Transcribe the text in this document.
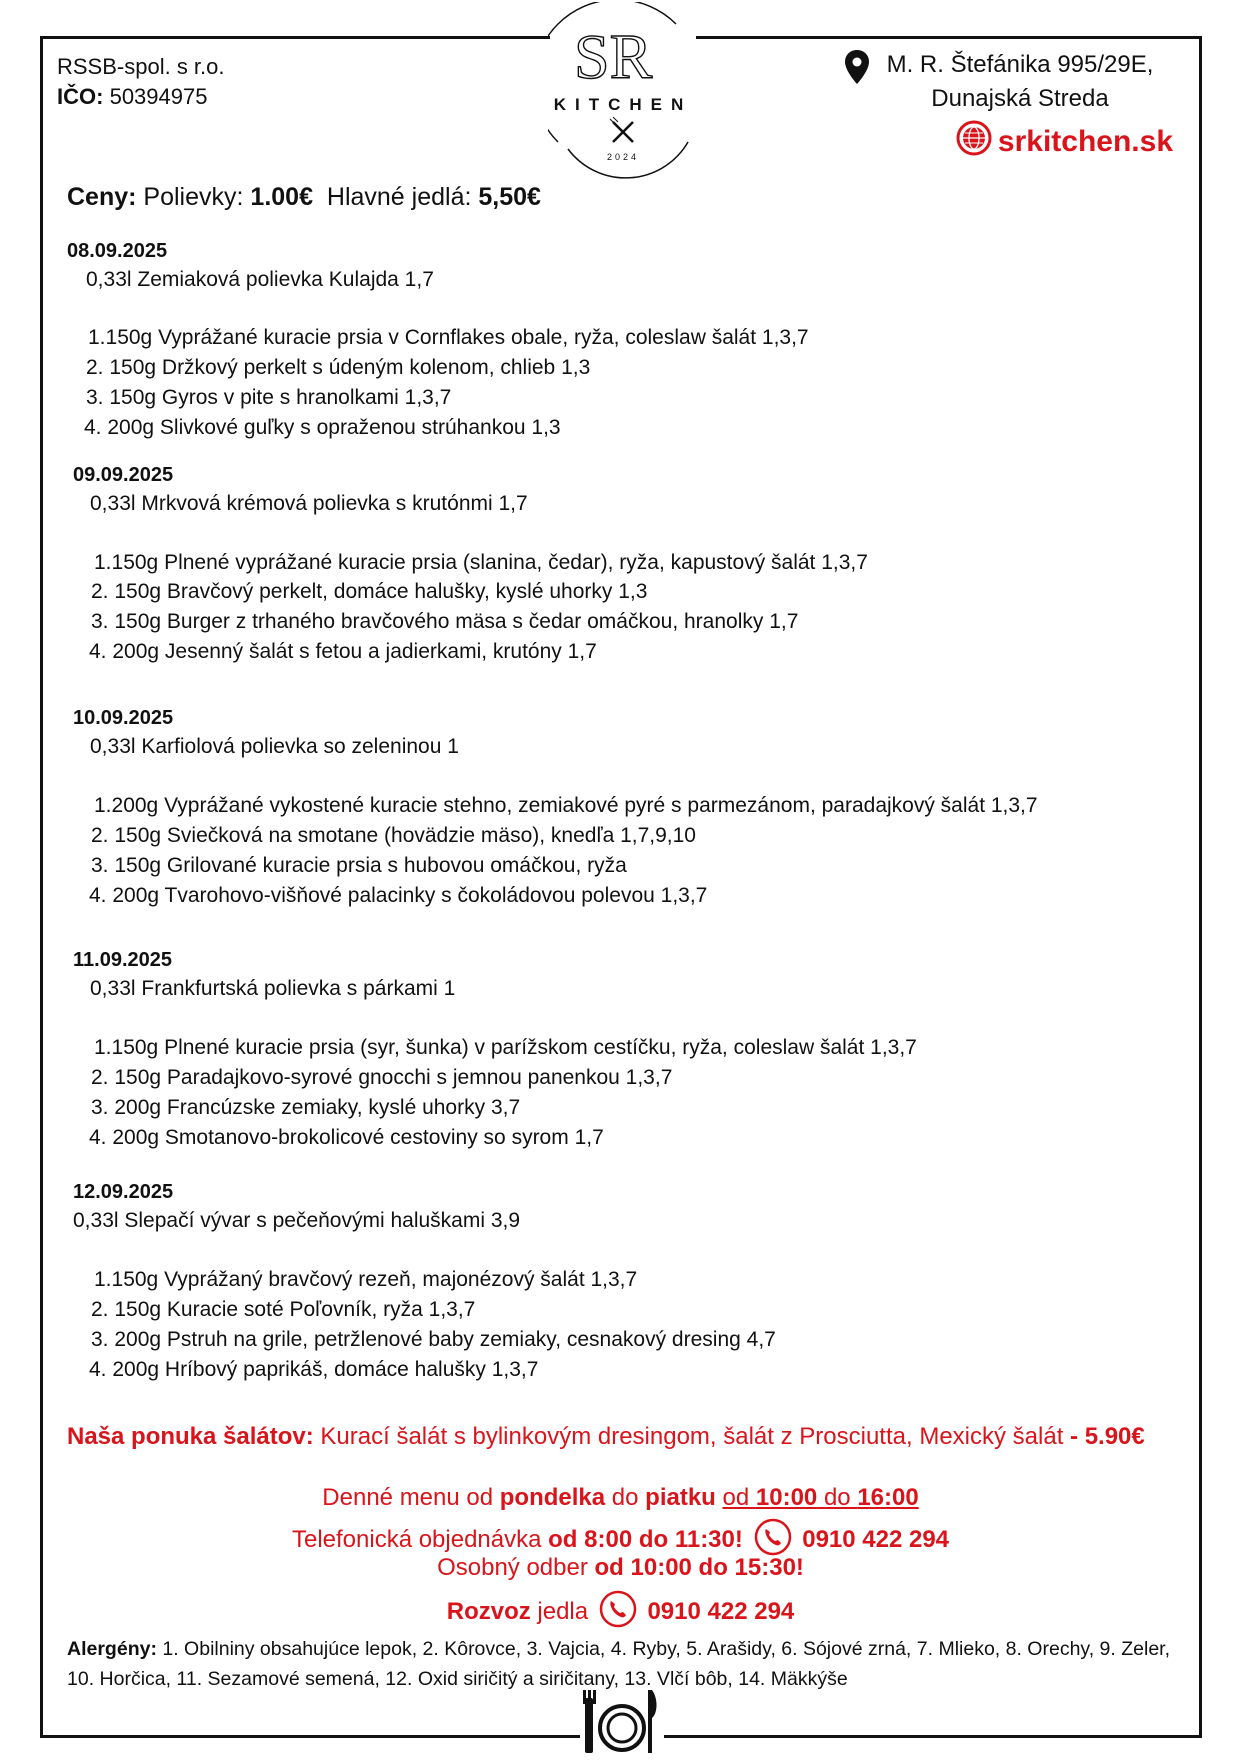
SR
KITCHEN
2024
RSSB-spol. s r.o.
IČO: 50394975
M. R. Štefánika 995/29E,
Dunajská Streda
srkitchen.sk
Ceny: Polievky: 1.00€ Hlavné jedlá: 5,50€
08.09.2025
0,33l Zemiaková polievka Kulajda 1,7
1.150g Vyprážané kuracie prsia v Cornflakes obale, ryža, coleslaw šalát 1,3,7
2. 150g Držkový perkelt s údeným kolenom, chlieb 1,3
3. 150g Gyros v pite s hranolkami 1,3,7
4. 200g Slivkové guľky s opraženou strúhankou 1,3
09.09.2025
0,33l Mrkvová krémová polievka s krutónmi 1,7
1.150g Plnené vyprážané kuracie prsia (slanina, čedar), ryža, kapustový šalát 1,3,7
2. 150g Bravčový perkelt, domáce halušky, kyslé uhorky 1,3
3. 150g Burger z trhaného bravčového mäsa s čedar omáčkou, hranolky 1,7
4. 200g Jesenný šalát s fetou a jadierkami, krutóny 1,7
10.09.2025
0,33l Karfiolová polievka so zeleninou 1
1.200g Vyprážané vykostené kuracie stehno, zemiakové pyré s parmezánom, paradajkový šalát 1,3,7
2. 150g Sviečková na smotane (hovädzie mäso), knedľa 1,7,9,10
3. 150g Grilované kuracie prsia s hubovou omáčkou, ryža
4. 200g Tvarohovo-višňové palacinky s čokoládovou polevou 1,3,7
11.09.2025
0,33l Frankfurtská polievka s párkami 1
1.150g Plnené kuracie prsia (syr, šunka) v parížskom cestíčku, ryža, coleslaw šalát 1,3,7
2. 150g Paradajkovo-syrové gnocchi s jemnou panenkou 1,3,7
3. 200g Francúzske zemiaky, kyslé uhorky 3,7
4. 200g Smotanovo-brokolicové cestoviny so syrom 1,7
12.09.2025
0,33l Slepačí vývar s pečeňovými haluškami 3,9
1.150g Vyprážaný bravčový rezeň, majonézový šalát 1,3,7
2. 150g Kuracie soté Poľovník, ryža 1,3,7
3. 200g Pstruh na grile, petržlenové baby zemiaky, cesnakový dresing 4,7
4. 200g Hríbový paprikáš, domáce halušky 1,3,7
Naša ponuka šalátov: Kurací šalát s bylinkovým dresingom, šalát z Prosciutta, Mexický šalát - 5.90€
Denné menu od pondelka do piatku od 10:00 do 16:00
Telefonická objednávka od 8:00 do 11:30! 0910 422 294
Osobný odber od 10:00 do 15:30!
Rozvoz jedla 0910 422 294
Alergény: 1. Obilniny obsahujúce lepok, 2. Kôrovce, 3. Vajcia, 4. Ryby, 5. Arašidy, 6. Sójové zrná, 7. Mlieko, 8. Orechy, 9. Zeler, 10. Horčica, 11. Sezamové semená, 12. Oxid siričitý a siričitany, 13. Vlčí bôb, 14. Mäkkýše
